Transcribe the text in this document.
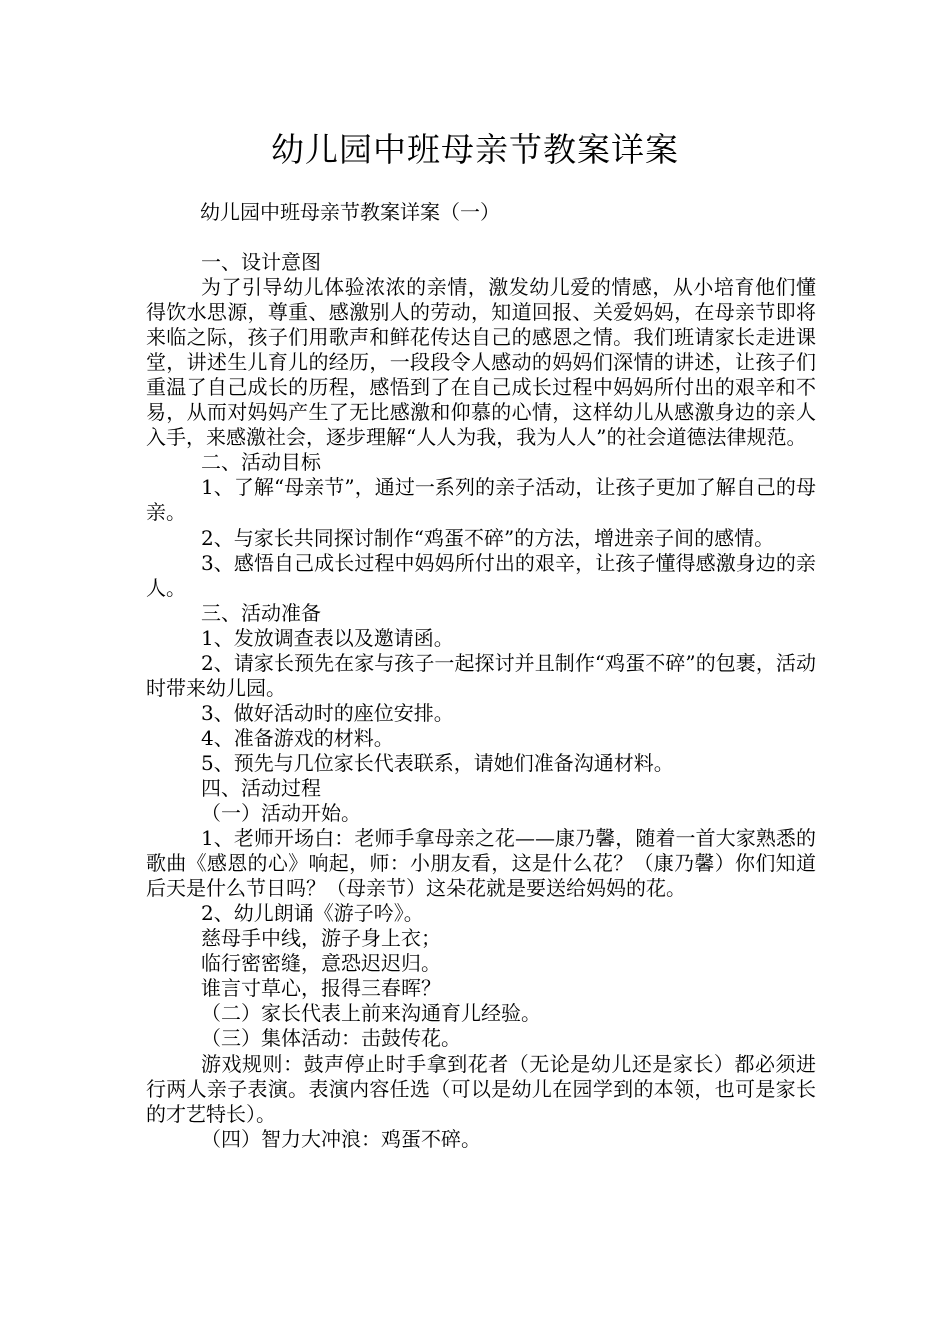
幼儿园中班母亲节教案详案

幼儿园中班母亲节教案详案（一）

一、设计意图

为了引导幼儿体验浓浓的亲情，激发幼儿爱的情感，从小培育他们懂得饮水思源，尊重、感激别人的劳动，知道回报、关爱妈妈，在母亲节即将来临之际，孩子们用歌声和鲜花传达自己的感恩之情。我们班请家长走进课堂，讲述生儿育儿的经历，一段段令人感动的妈妈们深情的讲述，让孩子们重温了自己成长的历程，感悟到了在自己成长过程中妈妈所付出的艰辛和不易，从而对妈妈产生了无比感激和仰慕的心情，这样幼儿从感激身边的亲人入手，来感激社会，逐步理解“人人为我，我为人人”的社会道德法律规范。

二、活动目标

1、了解“母亲节”，通过一系列的亲子活动，让孩子更加了解自己的母亲。

2、与家长共同探讨制作“鸡蛋不碎”的方法，增进亲子间的感情。

3、感悟自己成长过程中妈妈所付出的艰辛，让孩子懂得感激身边的亲人。

三、活动准备

1、发放调查表以及邀请函。

2、请家长预先在家与孩子一起探讨并且制作“鸡蛋不碎”的包裹，活动时带来幼儿园。

3、做好活动时的座位安排。

4、准备游戏的材料。

5、预先与几位家长代表联系，请她们准备沟通材料。

四、活动过程

（一）活动开始。

1、老师开场白：老师手拿母亲之花——康乃馨，随着一首大家熟悉的歌曲《感恩的心》响起，师：小朋友看，这是什么花？（康乃馨）你们知道后天是什么节日吗？（母亲节）这朵花就是要送给妈妈的花。

2、幼儿朗诵《游子吟》。

慈母手中线，游子身上衣；

临行密密缝，意恐迟迟归。

谁言寸草心，报得三春晖？

（二）家长代表上前来沟通育儿经验。

（三）集体活动：击鼓传花。

游戏规则：鼓声停止时手拿到花者（无论是幼儿还是家长）都必须进行两人亲子表演。表演内容任选（可以是幼儿在园学到的本领，也可是家长的才艺特长）。

（四）智力大冲浪：鸡蛋不碎。
